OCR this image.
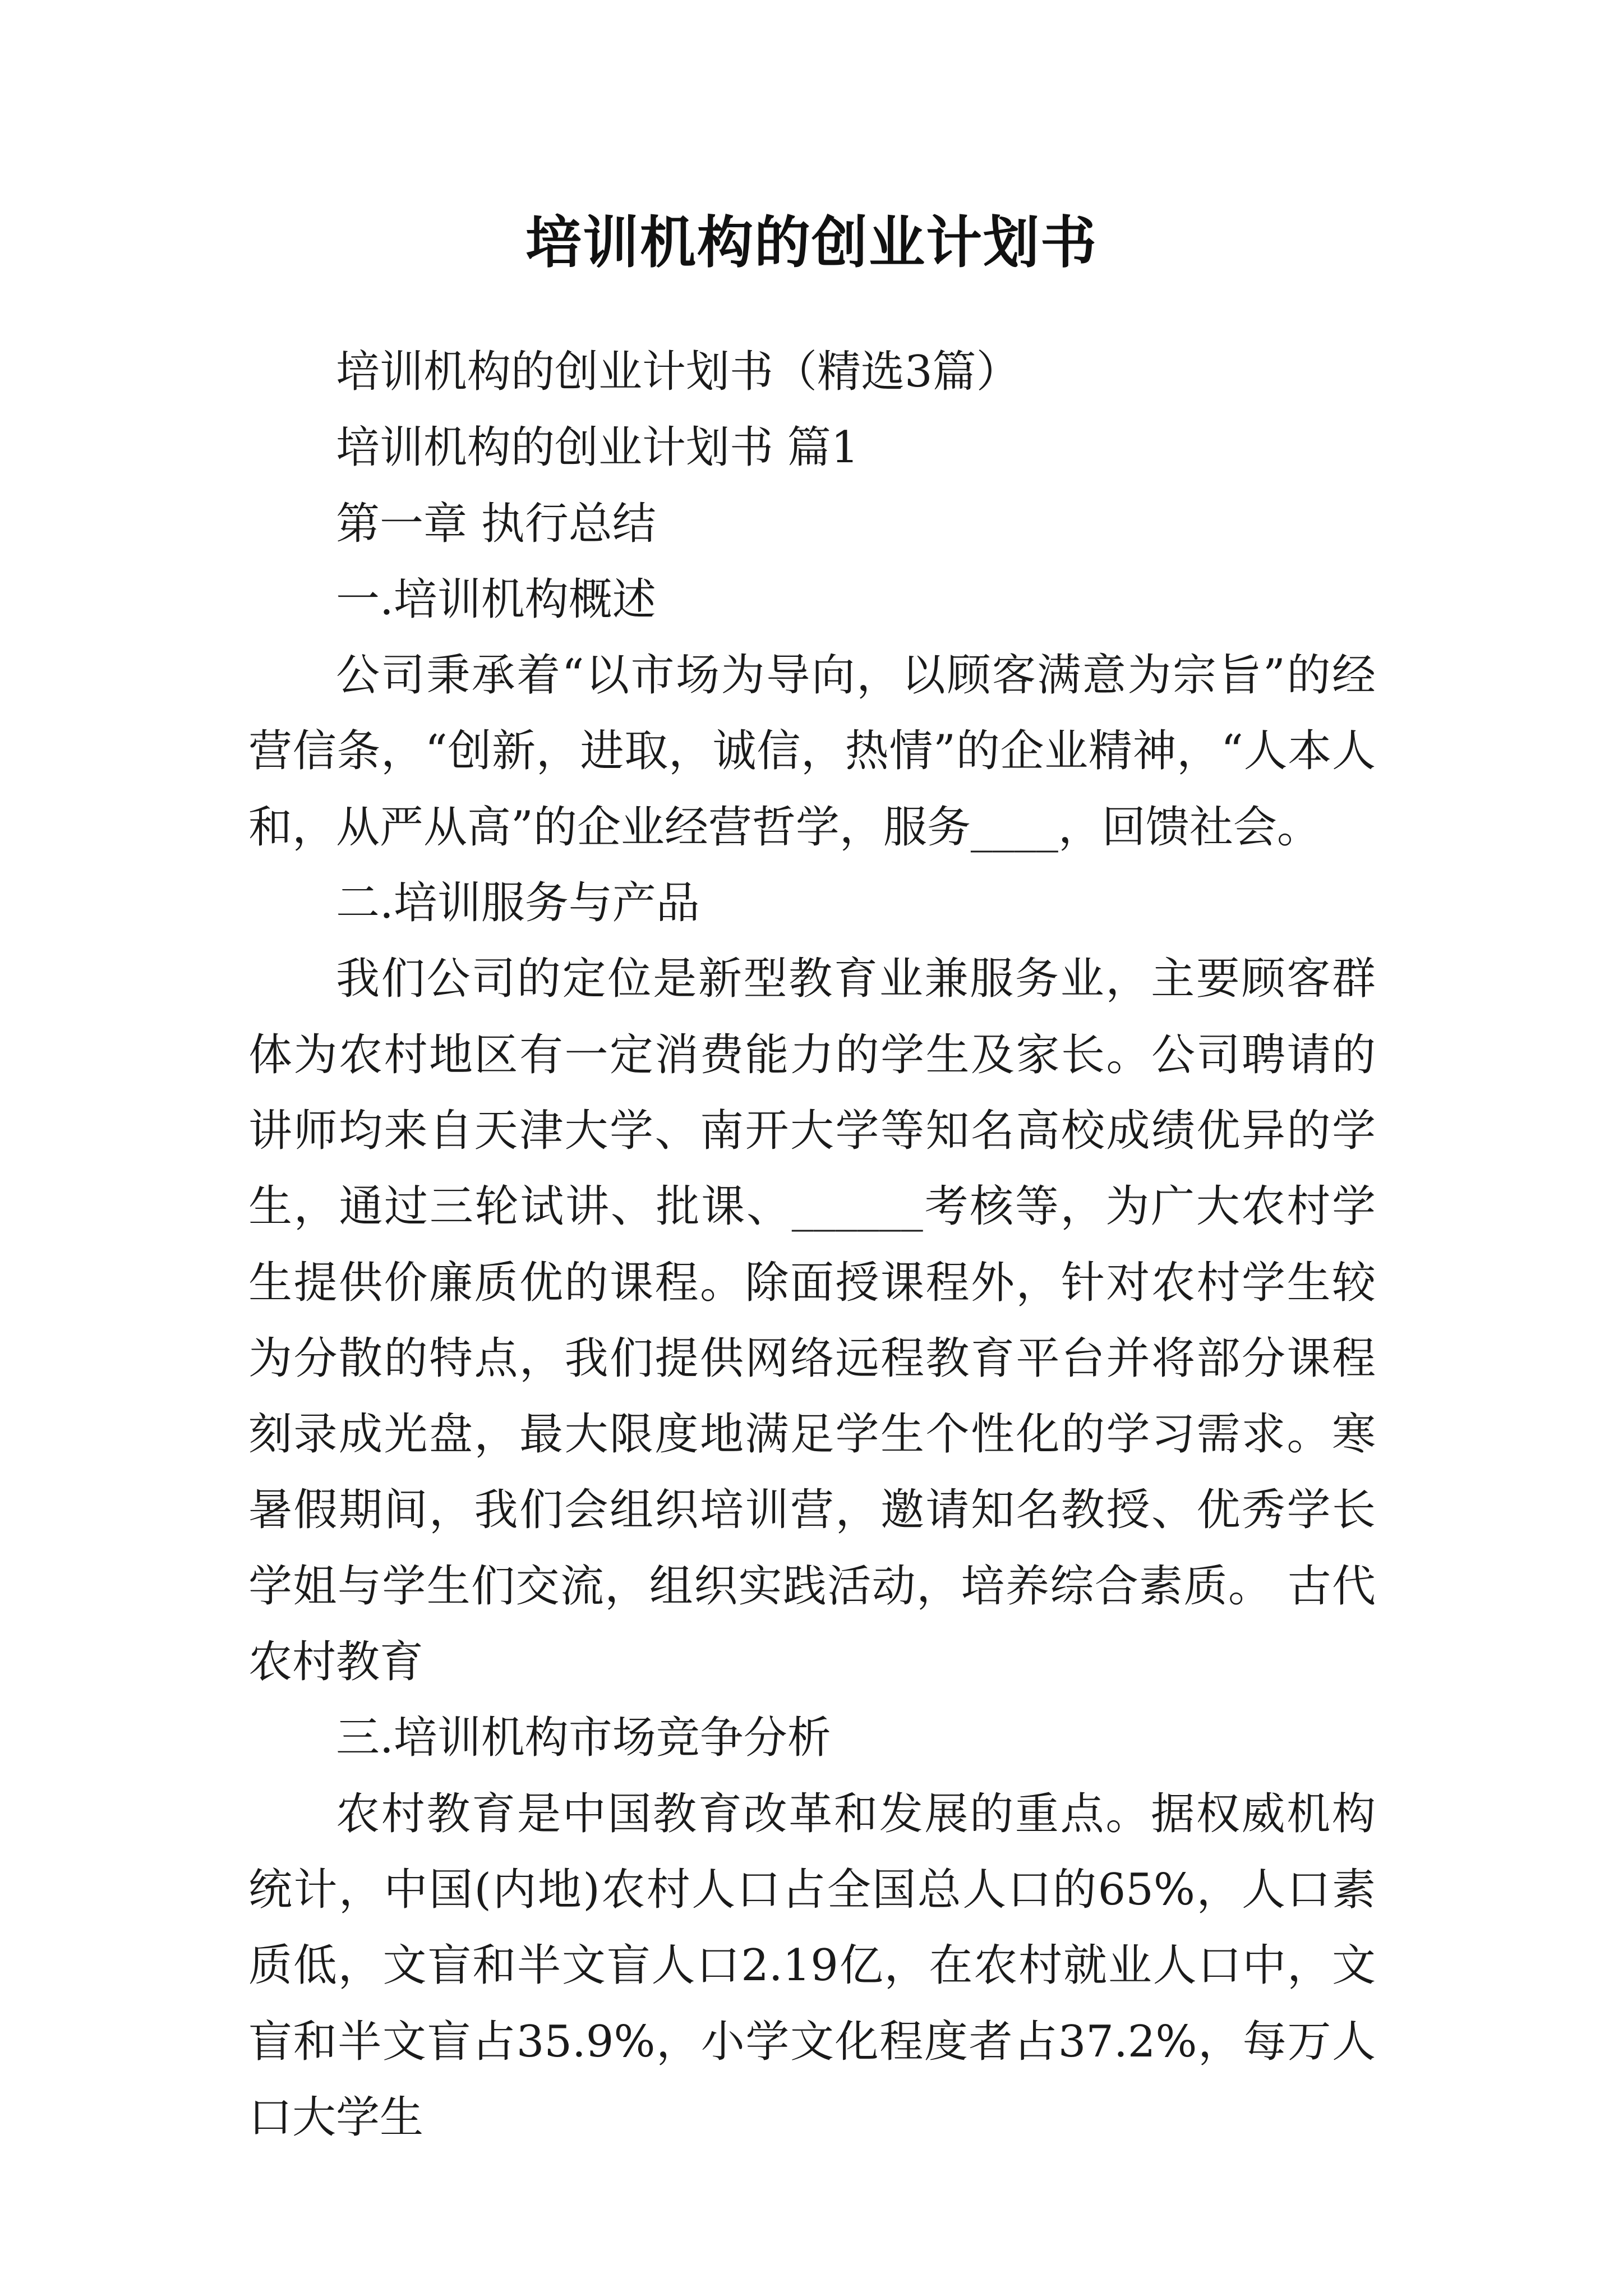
培训机构的创业计划书

培训机构的创业计划书（精选3篇）

培训机构的创业计划书 篇1

第一章 执行总结

一.培训机构概述

公司秉承着“以市场为导向，以顾客满意为宗旨”的经营信条，“创新，进取，诚信，热情”的企业精神，“人本人和，从严从高”的企业经营哲学，服务____，回馈社会。

二.培训服务与产品

我们公司的定位是新型教育业兼服务业，主要顾客群体为农村地区有一定消费能力的学生及家长。公司聘请的讲师均来自天津大学、南开大学等知名高校成绩优异的学生，通过三轮试讲、批课、______考核等，为广大农村学生提供价廉质优的课程。除面授课程外，针对农村学生较为分散的特点，我们提供网络远程教育平台并将部分课程刻录成光盘，最大限度地满足学生个性化的学习需求。寒暑假期间，我们会组织培训营，邀请知名教授、优秀学长学姐与学生们交流，组织实践活动，培养综合素质。 古代农村教育

三.培训机构市场竞争分析

农村教育是中国教育改革和发展的重点。据权威机构统计，中国(内地)农村人口占全国总人口的65%，人口素质低，文盲和半文盲人口2.19亿，在农村就业人口中，文盲和半文盲占35.9%，小学文化程度者占37.2%，每万人口大学生
